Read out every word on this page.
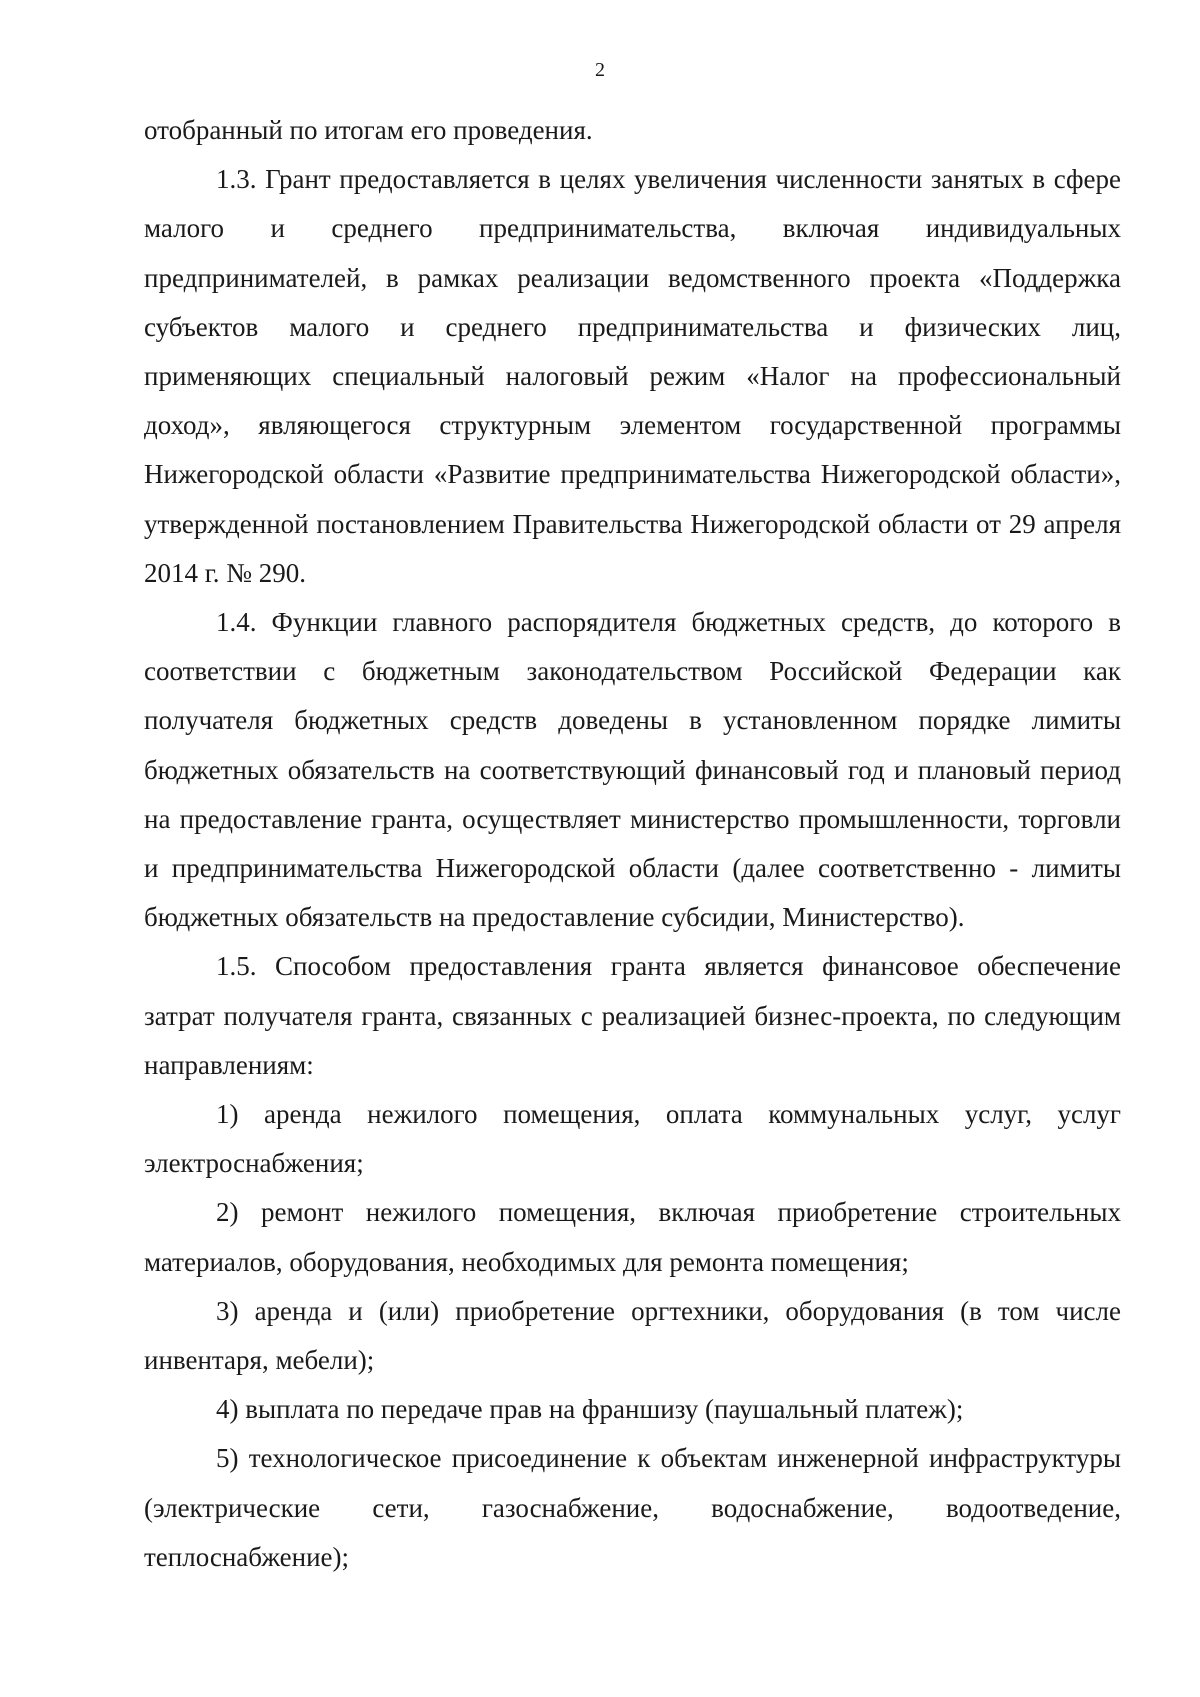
2

отобранный по итогам его проведения.

1.3. Грант предоставляется в целях увеличения численности занятых в сфере малого и среднего предпринимательства, включая индивидуальных предпринимателей, в рамках реализации ведомственного проекта «Поддержка субъектов малого и среднего предпринимательства и физических лиц, применяющих специальный налоговый режим «Налог на профессиональный доход», являющегося структурным элементом государственной программы Нижегородской области «Развитие предпринимательства Нижегородской области», утвержденной постановлением Правительства Нижегородской области от 29 апреля 2014 г. № 290.

1.4. Функции главного распорядителя бюджетных средств, до которого в соответствии с бюджетным законодательством Российской Федерации как получателя бюджетных средств доведены в установленном порядке лимиты бюджетных обязательств на соответствующий финансовый год и плановый период на предоставление гранта, осуществляет министерство промышленности, торговли и предпринимательства Нижегородской области (далее соответственно - лимиты бюджетных обязательств на предоставление субсидии, Министерство).

1.5. Способом предоставления гранта является финансовое обеспечение затрат получателя гранта, связанных с реализацией бизнес-проекта, по следующим направлениям:

1) аренда нежилого помещения, оплата коммунальных услуг, услуг электроснабжения;

2) ремонт нежилого помещения, включая приобретение строительных материалов, оборудования, необходимых для ремонта помещения;

3) аренда и (или) приобретение оргтехники, оборудования (в том числе инвентаря, мебели);

4) выплата по передаче прав на франшизу (паушальный платеж);

5) технологическое присоединение к объектам инженерной инфраструктуры (электрические сети, газоснабжение, водоснабжение, водоотведение, теплоснабжение);
